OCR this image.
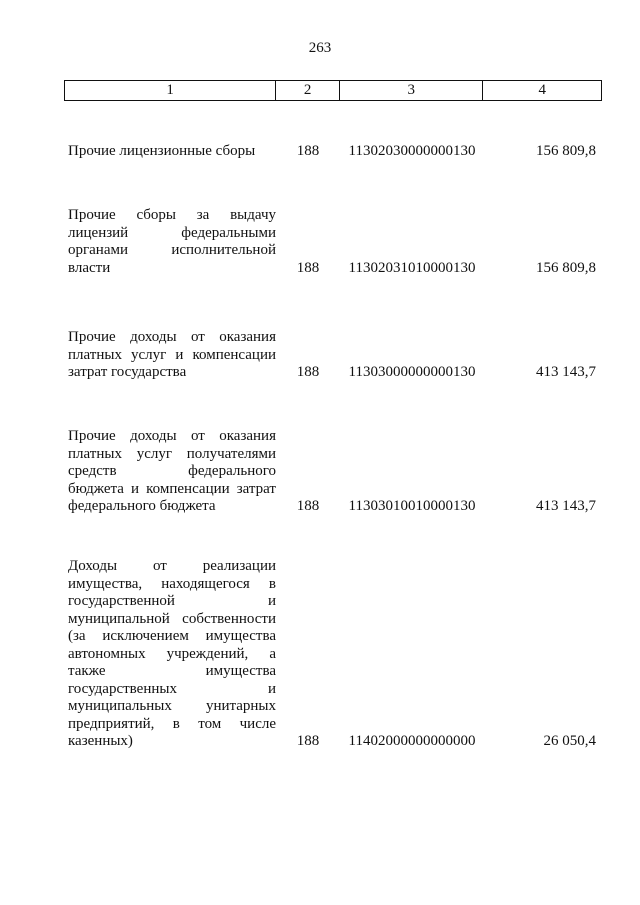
263
1	2	3	4
Прочие лицензионные сборы	188	11302030000000130	156 809,8
Прочие сборы за выдачу
лицензий федеральными
органами исполнительной
власти	188	11302031010000130	156 809,8
Прочие доходы от оказания
платных услуг и компенсации
затрат государства	188	11303000000000130	413 143,7
Прочие доходы от оказания
платных услуг получателями
средств федерального
бюджета и компенсации затрат
федерального бюджета	188	11303010010000130	413 143,7
Доходы от реализации
имущества, находящегося в
государственной и
муниципальной собственности
(за исключением имущества
автономных учреждений, а
также имущества
государственных и
муниципальных унитарных
предприятий, в том числе
казенных)	188	11402000000000000	26 050,4
